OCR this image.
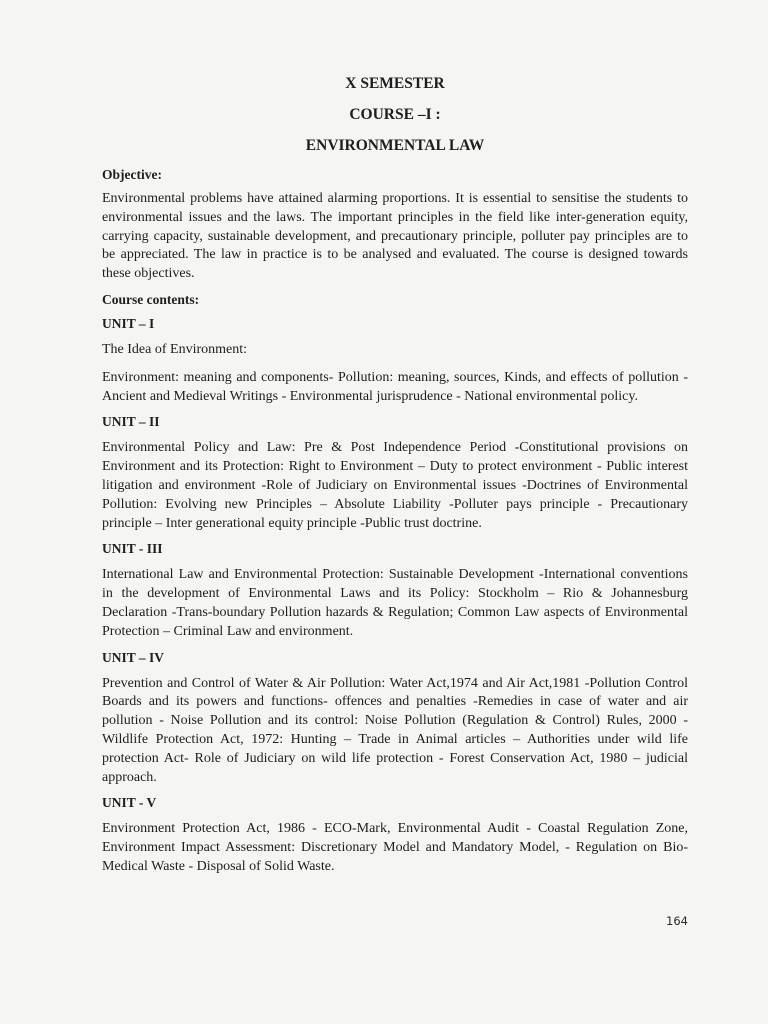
X SEMESTER
COURSE –I :
ENVIRONMENTAL LAW
Objective:

Environmental problems have attained alarming proportions. It is essential to sensitise the students to environmental issues and the laws. The important principles in the field like inter-generation equity, carrying capacity, sustainable development, and precautionary principle, polluter pay principles are to be appreciated. The law in practice is to be analysed and evaluated. The course is designed towards these objectives.

Course contents:
UNIT – I

The Idea of Environment:

Environment: meaning and components- Pollution: meaning, sources, Kinds, and effects of pollution - Ancient and Medieval Writings - Environmental jurisprudence - National environmental policy.

UNIT – II

Environmental Policy and Law: Pre & Post Independence Period -Constitutional provisions on Environment and its Protection: Right to Environment – Duty to protect environment - Public interest litigation and environment -Role of Judiciary on Environmental issues -Doctrines of Environmental Pollution: Evolving new Principles – Absolute Liability -Polluter pays principle - Precautionary principle – Inter generational equity principle -Public trust doctrine.

UNIT - III

International Law and Environmental Protection: Sustainable Development -International conventions in the development of Environmental Laws and its Policy: Stockholm – Rio & Johannesburg Declaration -Trans-boundary Pollution hazards & Regulation; Common Law aspects of Environmental Protection – Criminal Law and environment.

UNIT – IV

Prevention and Control of Water & Air Pollution: Water Act,1974 and Air Act,1981 -Pollution Control Boards and its powers and functions- offences and penalties -Remedies in case of water and air pollution - Noise Pollution and its control: Noise Pollution (Regulation & Control) Rules, 2000 - Wildlife Protection Act, 1972: Hunting – Trade in Animal articles – Authorities under wild life protection Act- Role of Judiciary on wild life protection - Forest Conservation Act, 1980 – judicial approach.

UNIT - V

Environment Protection Act, 1986 - ECO-Mark, Environmental Audit - Coastal Regulation Zone, Environment Impact Assessment: Discretionary Model and Mandatory Model, - Regulation on Bio-Medical Waste - Disposal of Solid Waste.

164
